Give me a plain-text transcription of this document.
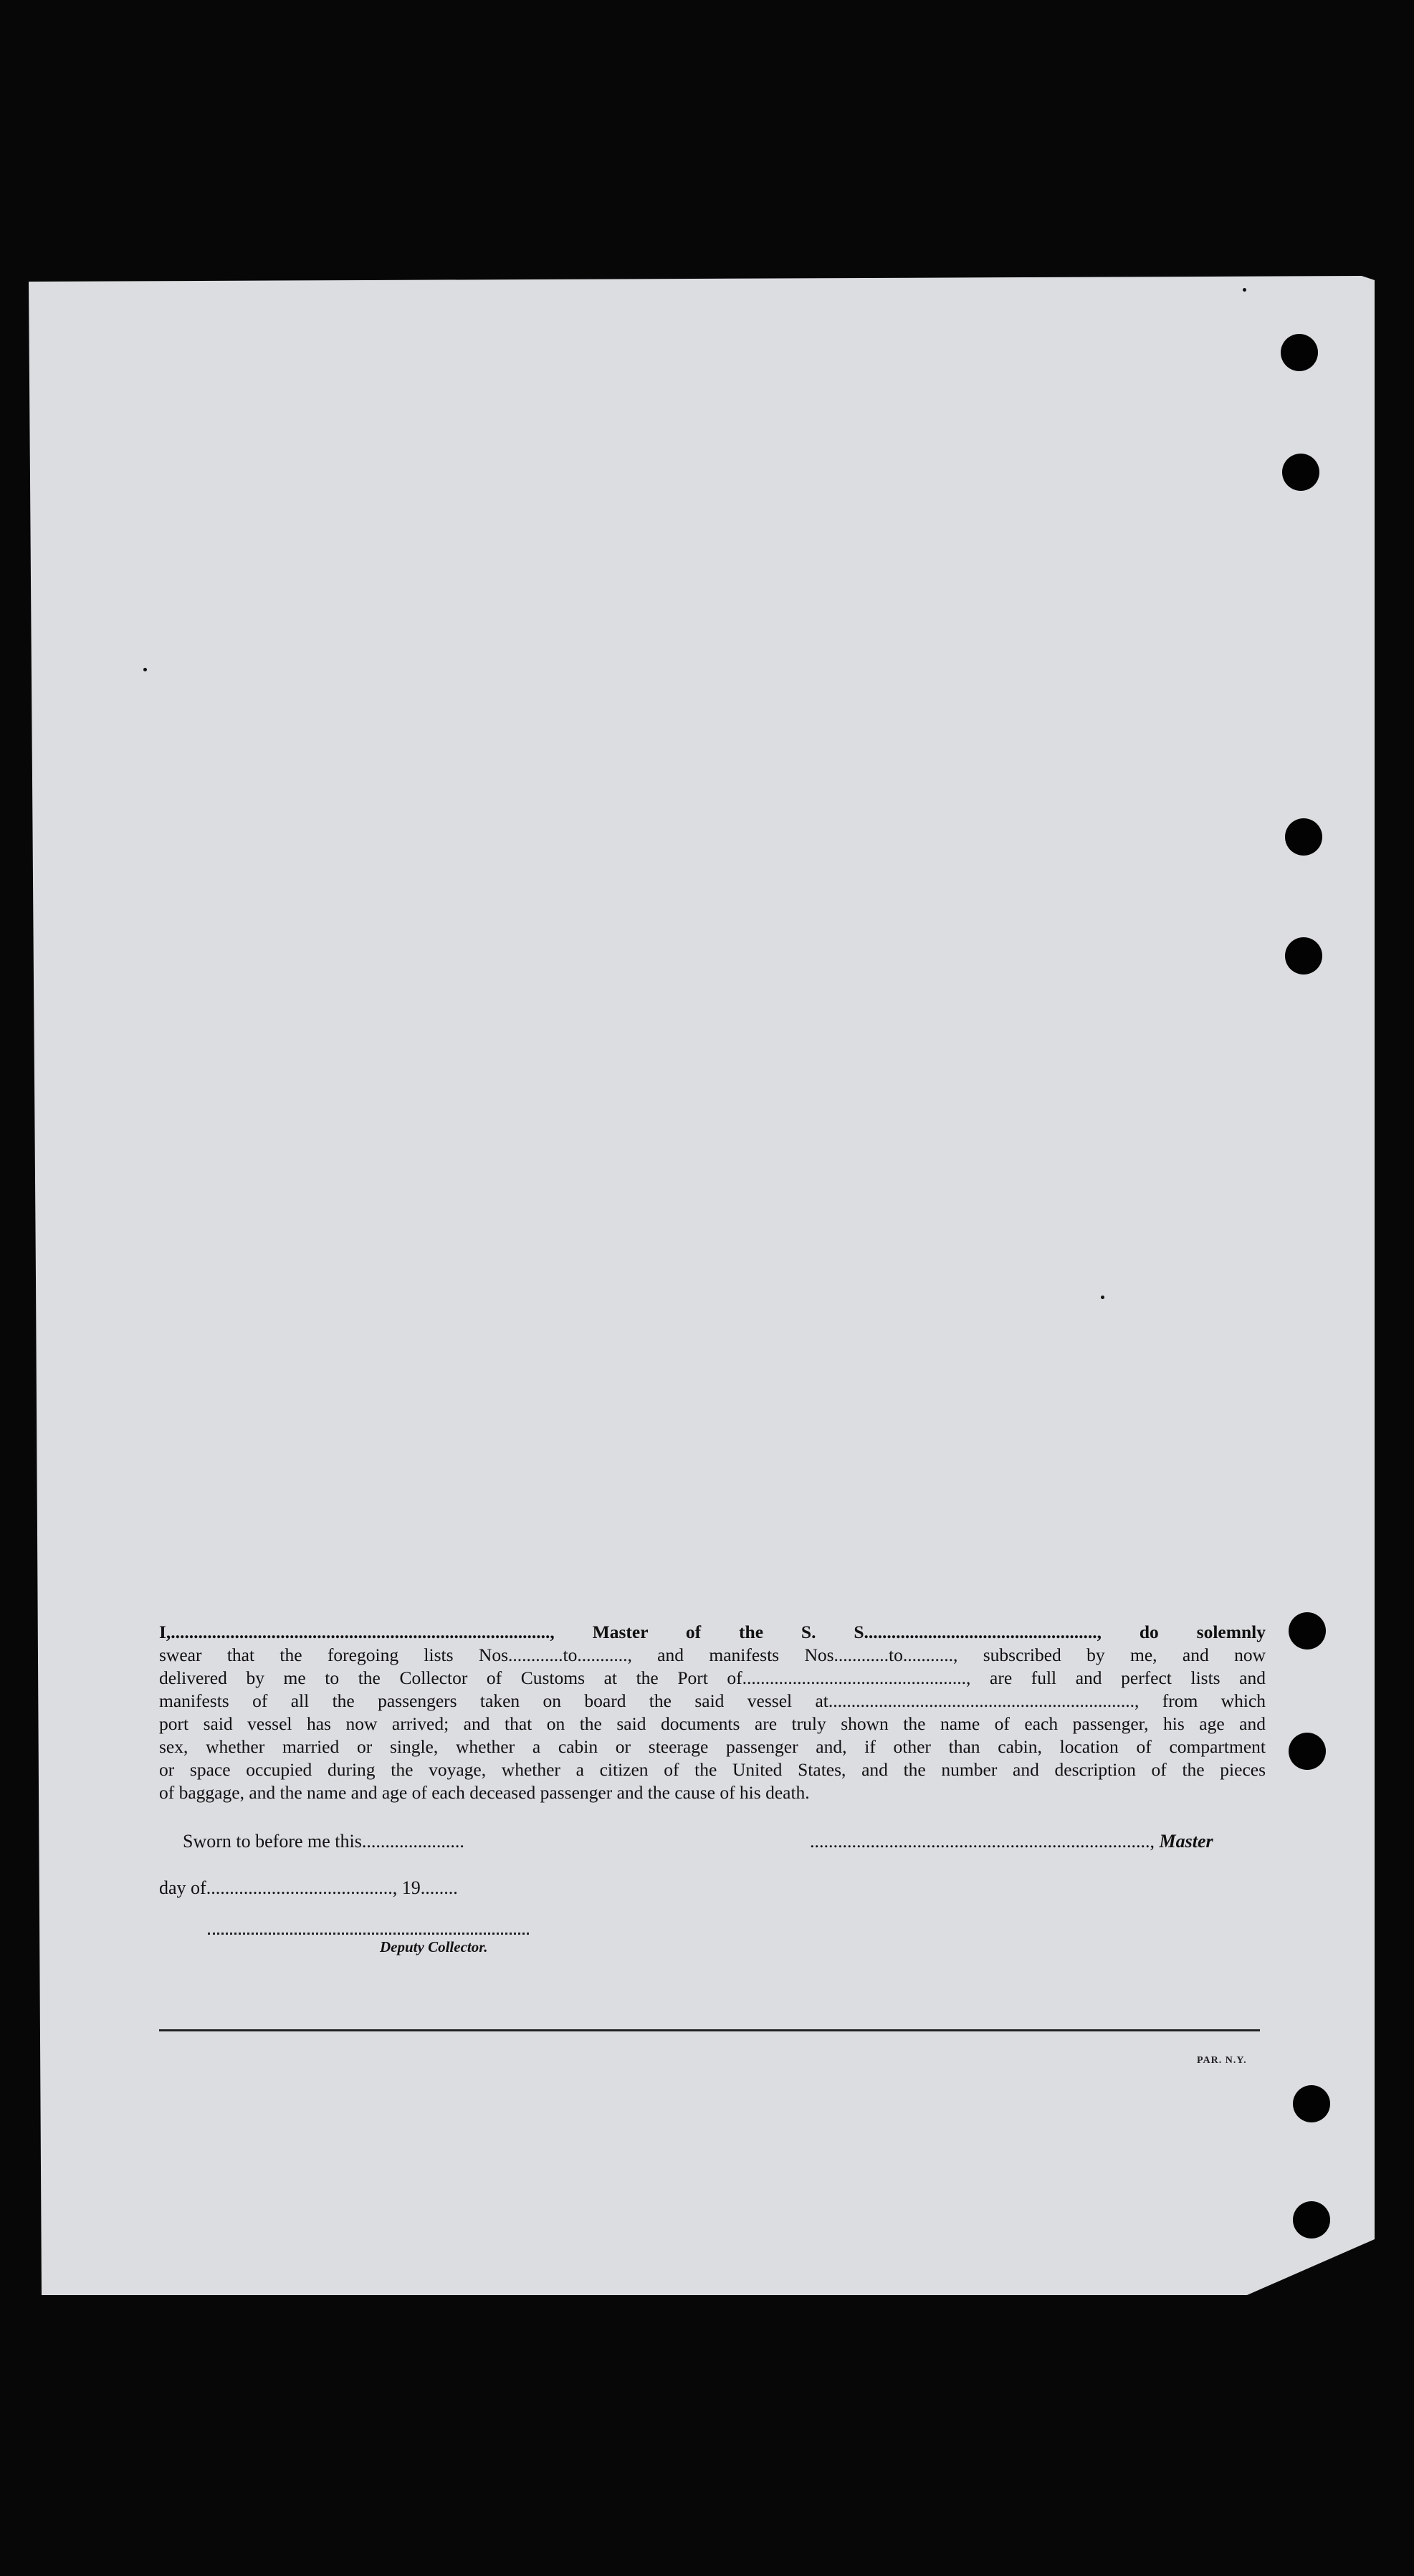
I,..................................................................................., Master of the S. S..................................................., do solemnly

swear that the foregoing lists Nos............to..........., and manifests Nos............to..........., subscribed by me, and now

delivered by me to the Collector of Customs at the Port of................................................., are full and perfect lists and

manifests of all the passengers taken on board the said vessel at..................................................................., from which

port said vessel has now arrived; and that on the said documents are truly shown the name of each passenger, his age and

sex, whether married or single, whether a cabin or steerage passenger and, if other than cabin, location of compartment

or space occupied during the voyage, whether a citizen of the United States, and the number and description of the pieces

of baggage, and the name and age of each deceased passenger and the cause of his death.

Sworn to before me this......................	........................................................................., Master
day of........................................, 19........
Deputy Collector.
PAR. N.Y.
